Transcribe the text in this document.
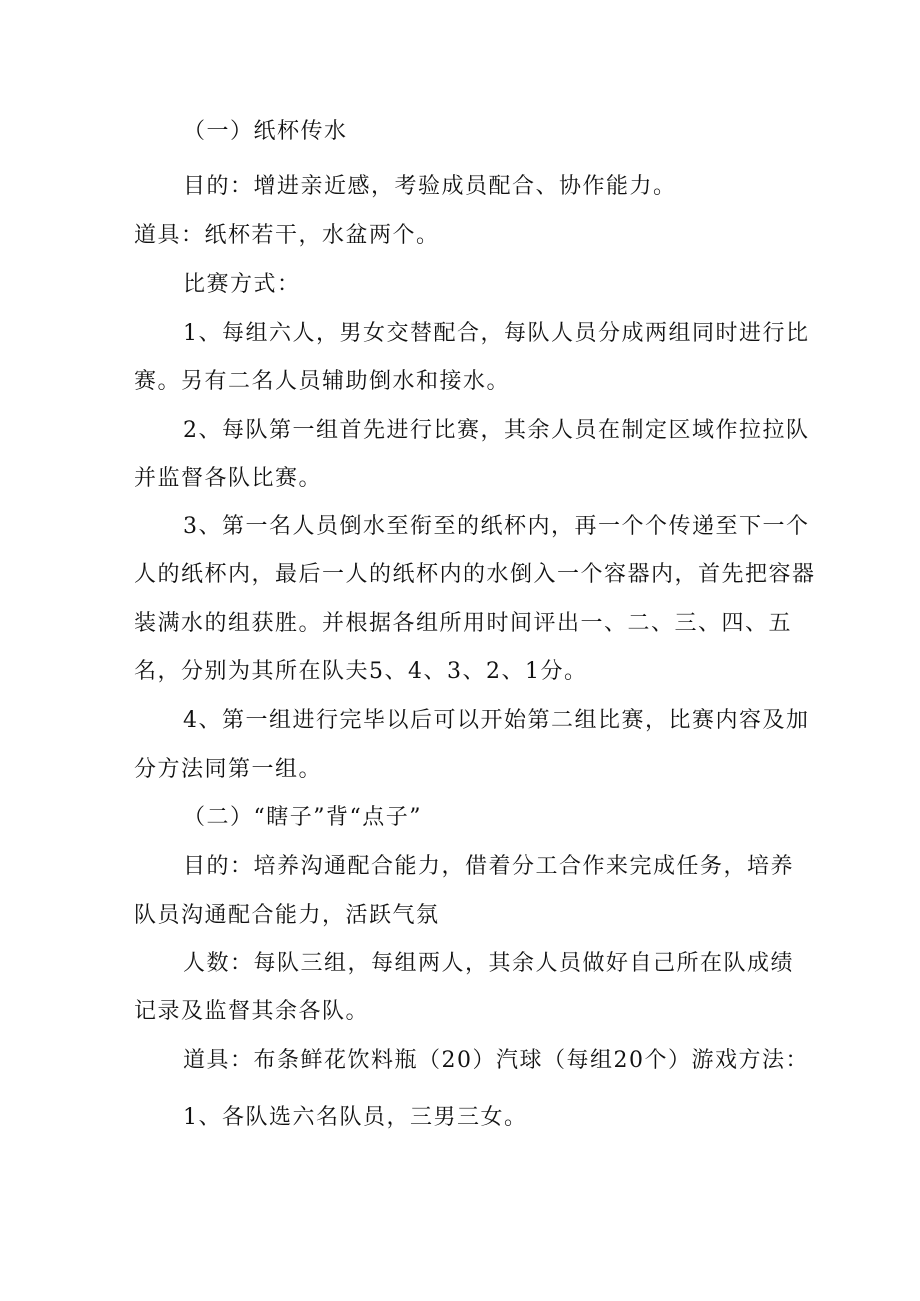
（一）纸杯传水
目的：增进亲近感，考验成员配合、协作能力。
道具：纸杯若干，水盆两个。
比赛方式：
1、每组六人，男女交替配合，每队人员分成两组同时进行比
赛。另有二名人员辅助倒水和接水。
2、每队第一组首先进行比赛，其余人员在制定区域作拉拉队
并监督各队比赛。
3、第一名人员倒水至衔至的纸杯内，再一个个传递至下一个
人的纸杯内，最后一人的纸杯内的水倒入一个容器内，首先把容器
装满水的组获胜。并根据各组所用时间评出一、二、三、四、五
名，分别为其所在队夫5、4、3、2、1分。
4、第一组进行完毕以后可以开始第二组比赛，比赛内容及加
分方法同第一组。
（二）“瞎子”背“点子”
目的：培养沟通配合能力，借着分工合作来完成任务，培养
队员沟通配合能力，活跃气氛
人数：每队三组，每组两人，其余人员做好自己所在队成绩
记录及监督其余各队。
道具：布条鲜花饮料瓶（20）汽球（每组20个）游戏方法：
1、各队选六名队员，三男三女。
